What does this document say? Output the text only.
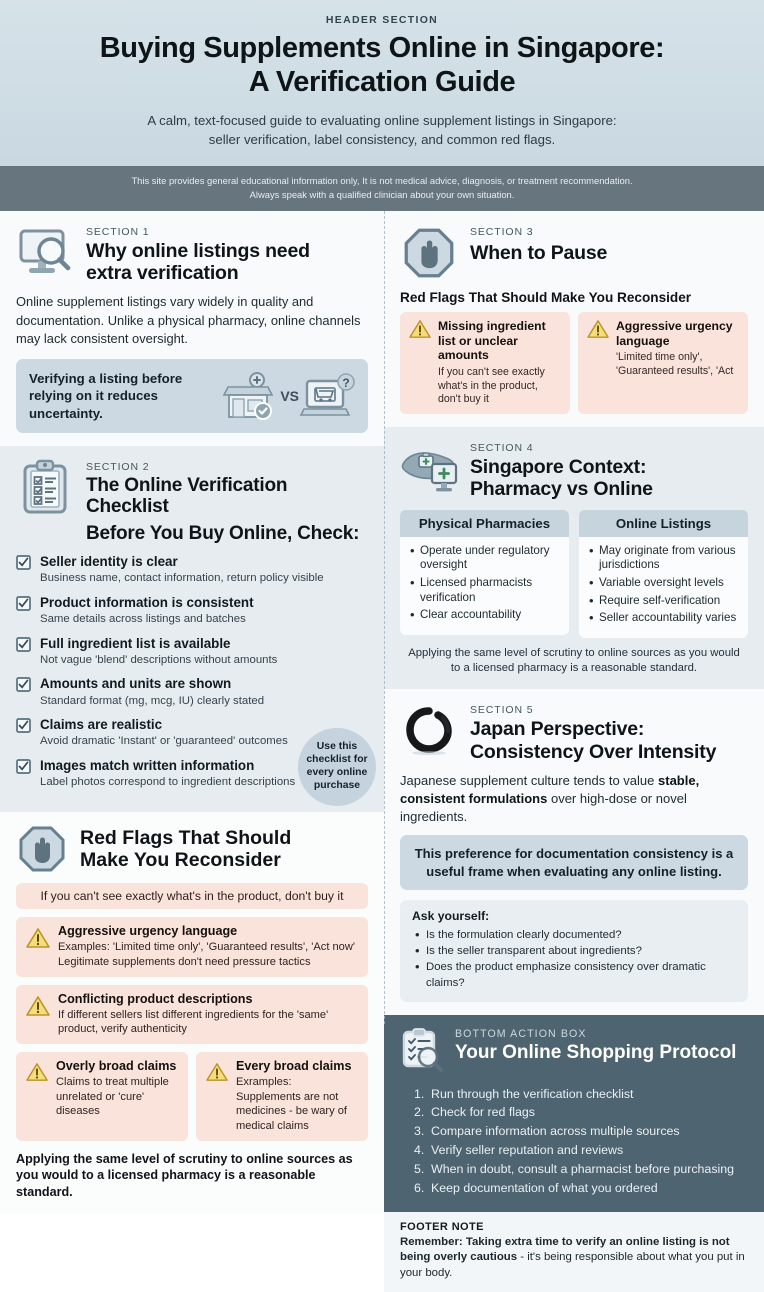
HEADER SECTION
Buying Supplements Online in Singapore:
A Verification Guide
A calm, text-focused guide to evaluating online supplement listings in Singapore:
seller verification, label consistency, and common red flags.
This site provides general educational information only, It is not medical advice, diagnosis, or treatment recommendation.
Always speak with a qualified clinician about your own situation.
SECTION 1
Why online listings need
extra verification
Online supplement listings vary widely in quality and documentation. Unlike a physical pharmacy, online channels may lack consistent oversight.
Verifying a listing before relying on it reduces uncertainty.
VS
?
SECTION 2
The Online Verification Checklist
Before You Buy Online, Check:
Seller identity is clear
Business name, contact information, return policy visible
Product information is consistent
Same details across listings and batches
Full ingredient list is available
Not vague 'blend' descriptions without amounts
Amounts and units are shown
Standard format (mg, mcg, IU) clearly stated
Claims are realistic
Avoid dramatic 'Instant' or 'guaranteed' outcomes
Images match written information
Label photos correspond to ingredient descriptions
Use this checklist for every online purchase
Red Flags That Should
Make You Reconsider
If you can't see exactly what's in the product, don't buy it
Aggressive urgency language
Examples: 'Limited time only', 'Guaranteed results', 'Act now'
Legitimate supplements don't need pressure tactics
Conflicting product descriptions
If different sellers list different ingredients for the 'same'
product, verify authenticity
Overly broad claims
Claims to treat multiple unrelated or 'cure' diseases
Every broad claims
Exramples: Supplements are not medicines - be wary of medical claims
Applying the same level of scrutiny to online sources as you would to a licensed pharmacy is a reasonable standard.
SECTION 3
When to Pause
Red Flags That Should Make You Reconsider
Missing ingredient list or unclear amounts
If you can't see exactly what's in the product, don't buy it
Aggressive urgency language
'Limited time only', 'Guaranteed results', 'Act
SECTION 4
Singapore Context:
Pharmacy vs Online
Physical Pharmacies
• Operate under regulatory oversight
• Licensed pharmacists verification
• Clear accountability
Online Listings
• May originate from various jurisdictions
• Variable oversight levels
• Require self-verification
• Seller accountability varies
Applying the same level of scrutiny to online sources as you would to a licensed pharmacy is a reasonable standard.
SECTION 5
Japan Perspective:
Consistency Over Intensity
Japanese supplement culture tends to value stable, consistent formulations over high-dose or novel ingredients.
This preference for documentation consistency is a useful frame when evaluating any online listing.
Ask yourself:
• Is the formulation clearly documented?
• Is the seller transparent about ingredients?
• Does the product emphasize consistency over dramatic claims?
BOTTOM ACTION BOX
Your Online Shopping Protocol
Run through the verification checklist
Check for red flags
Compare information across multiple sources
Verify seller reputation and reviews
When in doubt, consult a pharmacist before purchasing
Keep documentation of what you ordered
FOOTER NOTE
Remember: Taking extra time to verify an online listing is not being overly cautious - it's being responsible about what you put in your body.
